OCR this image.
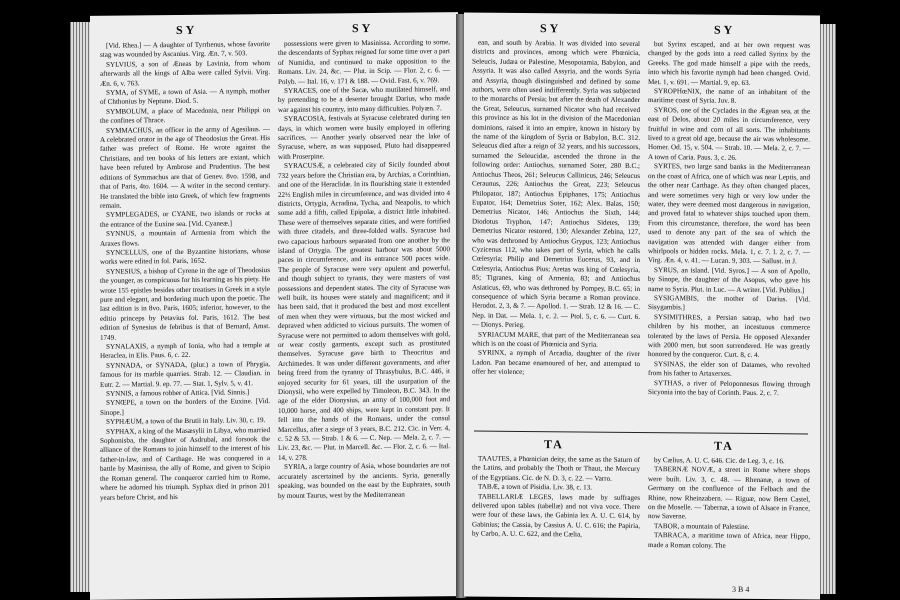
SY	SY

[Vid. Rhea.] — A daughter of Tyrrhenus, whose favorite stag was wounded by Ascanius. Virg. Æn. 7, v. 503.

SYLVIUS, a son of Æneas by Lavinia, from whom afterwards all the kings of Alba were called Sylvii. Virg. Æn. 6, v. 763.

SYMA, of SYME, a town of Asia. — A nymph, mother of Chthonius by Neptune. Diod. 5.

SYMBOLUM, a place of Macedonia, near Philippi on the confines of Thrace.

SYMMACHUS, an officer in the army of Agesilaus. — A celebrated orator in the age of Theodosius the Great. His father was prefect of Rome. He wrote against the Christians, and ten books of his letters are extant, which have been refuted by Ambrose and Prudentius. The best editions of Symmachus are that of Genev. 8vo. 1598, and that of Paris, 4to. 1604. — A writer in the second century. He translated the bible into Greek, of which few fragments remain.

SYMPLEGADES, or CYANE, two islands or rocks at the entrance of the Euxine sea. [Vid. Cyaneæ.]

SYNNUS, a mountain of Armenia from which the Araxes flows.

SYNCELLUS, one of the Byzantine historians, whose works were edited in fol. Paris, 1652.

SYNESIUS, a bishop of Cyrene in the age of Theodosius the younger, as conspicuous for his learning as his piety. He wrote 155 epistles besides other treatises in Greek in a style pure and elegant, and bordering much upon the poetic. The last edition is in 8vo. Paris, 1605; inferior, however, to the editio princeps by Petavius fol. Paris, 1612. The best edition of Synesius de febribus is that of Bernard, Amst. 1749.

SYNALAXIS, a nymph of Ionia, who had a temple at Heraclea, in Elis. Paus. 6, c. 22.

SYNNADA, or SYNADA, (plur.) a town of Phrygia, famous for its marble quarries. Strab. 12. — Claudian. in Eutr. 2. — Martial. 9. ep. 77. — Stat. 1, Sylv. 5, v. 41.

SYNNIS, a famous robber of Attica. [Vid. Sinnis.]

SYNŒPE, a town on the borders of the Euxine. [Vid. Sinope.]

SYPHÆUM, a town of the Brutii in Italy. Liv. 30, c. 19.

SYPHAX, a king of the Masæsylii in Libya, who married Sophonisba, the daughter of Asdrubal, and forsook the alliance of the Romans to join himself to the interest of his father-in-law, and of Carthage. He was conquered in a battle by Masinissa, the ally of Rome, and given to Scipio the Roman general. The conqueror carried him to Rome, where he adorned his triumph. Syphax died in prison 201 years before Christ, and his

possessions were given to Masinissa. According to some, the descendants of Syphax reigned for some time over a part of Numidia, and continued to make opposition to the Romans. Liv. 24, &c. — Plut. in Scip. — Flor. 2, c. 6. — Polyb. — Ital. 16, v. 171 & 188. — Ovid. Fast. 6, v. 769.

SYRACES, one of the Sacæ, who mutilated himself, and by pretending to be a deserter brought Darius, who made war against his country, into many difficulties. Polyæn. 7.

SYRACOSIA, festivals at Syracuse celebrated during ten days, in which women were busily employed in offering sacrifices. — Another yearly observed near the lake of Syracuse, where, as was supposed, Pluto had disappeared with Proserpine.

SYRACUSÆ, a celebrated city of Sicily founded about 732 years before the Christian era, by Archias, a Corinthian, and one of the Heraclidæ. In its flourishing state it extended 22½ English miles in circumference, and was divided into 4 districts, Ortygia, Acradina, Tycha, and Neapolis, to which some add a fifth, called Epipolæ, a district little inhabited. These were of themselves separate cities, and were fortified with three citadels, and three-folded walls. Syracuse had two capacious harbours separated from one another by the island of Ortygia. The greatest harbour was about 5000 paces in circumference, and its entrance 500 paces wide. The people of Syracuse were very opulent and powerful, and though subject to tyrants, they were masters of vast possessions and dependent states. The city of Syracuse was well built, its houses were stately and magnificent; and it has been said, that it produced the best and most excellent of men when they were virtuous, but the most wicked and depraved when addicted to vicious pursuits. The women of Syracuse were not permitted to adorn themselves with gold, or wear costly garments, except such as prostituted themselves. Syracuse gave birth to Theocritus and Archimedes. It was under different governments, and after being freed from the tyranny of Thrasybulus, B.C. 446, it enjoyed security for 61 years, till the usurpation of the Dionysii, who were expelled by Timoleon, B.C. 343. In the age of the elder Dionysius, an army of 100,000 foot and 10,000 horse, and 400 ships, were kept in constant pay. It fell into the hands of the Romans, under the consul Marcellus, after a siege of 3 years, B.C. 212. Cic. in Verr. 4, c. 52 & 53. — Strab. 1 & 6. — C. Nep. — Mela. 2, c. 7. — Liv. 23, &c. — Plut. in Marcell. &c. — Flor. 2, c. 6. — Ital. 14, v. 278.

SYRIA, a large country of Asia, whose boundaries are not accurately ascertained by the ancients. Syria, generally speaking, was bounded on the east by the Euphrates, south by mount Taurus, west by the Mediterranean

SY	SY

ean, and south by Arabia. It was divided into several districts and provinces, among which were Phœnicia, Seleucis, Judæa or Palestine, Mesopotamia, Babylon, and Assyria. It was also called Assyria, and the words Syria and Assyria, though distinguished and defined by some authors, were often used indifferently. Syria was subjected to the monarchs of Persia; but after the death of Alexander the Great, Seleucus, surnamed Nicator who had received this province as his lot in the division of the Macedonian dominions, raised it into an empire, known in history by the name of the kingdom of Syria or Babylon, B.C. 312. Seleucus died after a reign of 32 years, and his successors, surnamed the Seleucidæ, ascended the throne in the following order: Antiochus, surnamed Soter, 280 B.C.; Antiochus Theos, 261; Seleucus Callinicus, 246; Seleucus Ceraunus, 226; Antiochus the Great, 223; Seleucus Philopator, 187; Antiochus Epiphanes, 175; Antiochus Eupator, 164; Demetrius Soter, 162; Alex. Balas, 150; Demetrius Nicator, 146; Antiochus the Sixth, 144; Diodotus Tryphon, 147; Antiochus Sidetes, 139; Demetrius Nicator restored, 130; Alexander Zebina, 127, who was dethroned by Antiochus Grypus, 123; Antiochus Cyzicenus 112, who takes part of Syria, which he calls Cœlesyria; Philip and Demetrius Eucerus, 93, and in Cœlesyria, Antiochus Pius; Aretas was king of Cœlesyria, 85; Tigranes, king of Armenia, 83; and Antiochus Asiaticus, 69, who was dethroned by Pompey, B.C. 65; in consequence of which Syria became a Roman province. Herodot. 2, 3, & 7. — Apollod. 1. — Strab. 12 & 16. — C. Nep. in Dat. — Mela. 1, c. 2. — Ptol. 5, c. 6. — Curt. 6. — Dionys. Perieg.

SYRIACUM MARE, that part of the Mediterranean sea which is on the coast of Phœnicia and Syria.

SYRINX, a nymph of Arcadia, daughter of the river Ladon. Pan became enamoured of her, and attempted to offer her violence;

but Syrinx escaped, and at her own request was changed by the gods into a reed called Syrinx by the Greeks. The god made himself a pipe with the reeds, into which his favorite nymph had been changed. Ovid. Met. 1, v. 691. — Martial. 9, ep. 63.

SYROPHœNIX, the name of an inhabitant of the maritime coast of Syria. Juv. 8.

SYROS, one of the Cyclades in the Ægean sea, at the east of Delos, about 20 miles in circumference, very fruitful in wine and corn of all sorts. The inhabitants lived to a great old age, because the air was wholesome. Homer. Od. 15, v. 504. — Strab. 10. — Mela. 2, c. 7. — A town of Caria. Paus. 3, c. 26.

SYRTES, two large sand banks in the Mediterranean on the coast of Africa, one of which was near Leptis, and the other near Carthage. As they often changed places, and were sometimes very high or very low under the water, they were deemed most dangerous in navigation, and proved fatal to whatever ships touched upon them. From this circumstance, therefore, the word has been used to denote any part of the sea of which the navigation was attended with danger either from whirlpools or hidden rocks. Mela. 1, c. 7. l. 2, c. 7. — Virg. Æn. 4, v. 41. — Lucan. 9, 303. — Sallust. in J.

SYRUS, an island. [Vid. Syros.] — A son of Apollo, by Sinope, the daughter of the Asopus, who gave his name to Syria. Plut. in Luc. — A writer. [Vid. Publius.]

SYSIGAMBIS, the mother of Darius. [Vid. Sisygambis.]

SYSIMITHRES, a Persian satrap, who had two children by his mother, an incestuous commerce tolerated by the laws of Persia. He opposed Alexander with 2000 men, but soon surrendered. He was greatly honored by the conqueror. Curt. 8, c. 4.

SYSINAS, the elder son of Datames, who revolted from his father to Artaxerxes.

SYTHAS, a river of Peloponnesus flowing through Sicyonia into the bay of Corinth. Paus. 2, c. 7.

TA	TA

TAAUTES, a Phœnician deity, the same as the Saturn of the Latins, and probably the Thoth or Thaut, the Mercury of the Egyptians. Cic. de N. D. 3, c. 22. — Varro.

TABÆ, a town of Pisidia. Liv. 38, c. 13.

TABELLARIÆ LEGES, laws made by suffrages delivered upon tables (tabellæ) and not viva voce. There were four of these laws, the Gabinia lex A. U. C. 614, by Gabinius; the Cassia, by Cassius A. U. C. 616; the Papiria, by Carbo, A. U. C. 622, and the Cælia,

by Cælius, A. U. C. 646. Cic. de Leg. 3, c. 16.

TABERNÆ NOVÆ, a street in Rome where shops were built. Liv. 3, c. 48. — Rhenanæ, a town of Germany on the confluence of the Felbach and the Rhine, now Rheinzabern. — Riguæ, now Bern Castel, on the Moselle. — Tabernæ, a town of Alsace in France, now Saverne.

TABOR, a mountain of Palestine.

TABRACA, a maritime town of Africa, near Hippo, made a Roman colony. The

3 B 4
